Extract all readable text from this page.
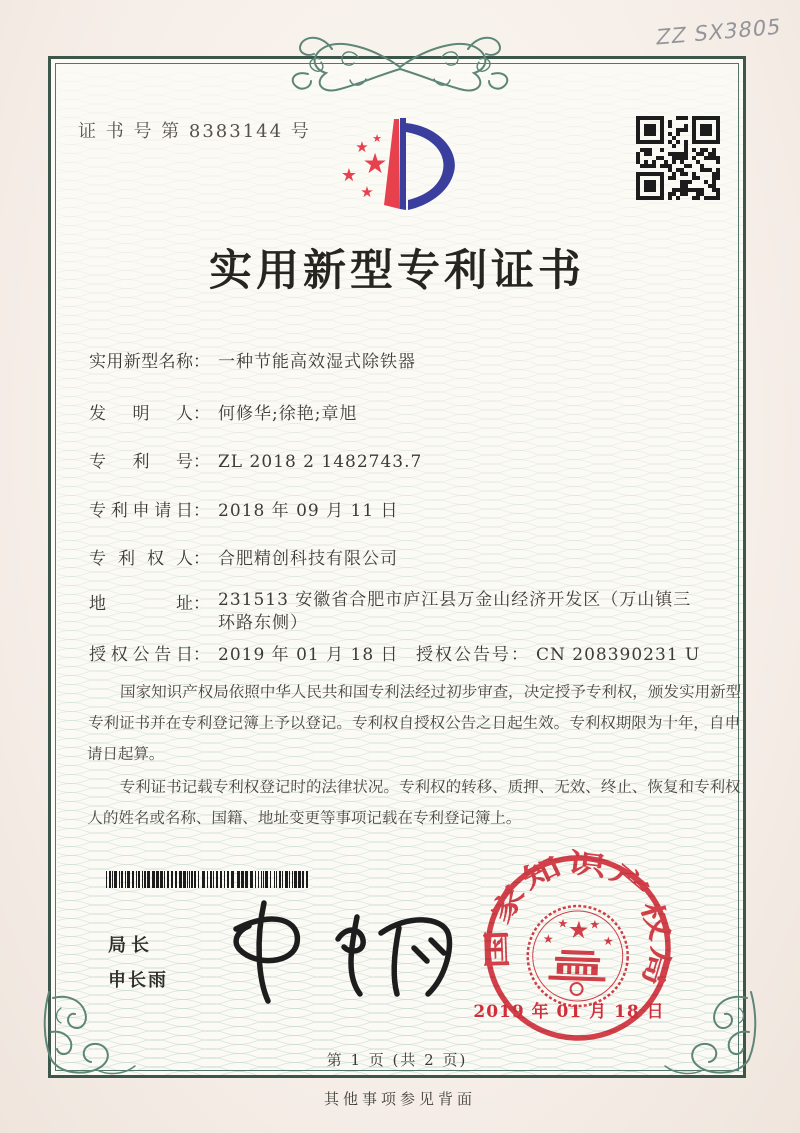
ZZ SX3805
证 书 号 第 8383144 号
★
★ ★
★
★
实用新型专利证书
实用新型名称： 一种节能高效湿式除铁器
发明人： 何修华;徐艳;章旭
专利号： ZL 2018 2 1482743.7
专利申请日： 2018 年 09 月 11 日
专利权人： 合肥精创科技有限公司
地址： 231513 安徽省合肥市庐江县万金山经济开发区（万山镇三环路东侧）
授权公告日： 2019 年 01 月 18 日 授权公告号： CN 208390231 U

国家知识产权局依照中华人民共和国专利法经过初步审查，决定授予专利权，颁发实用新型专利证书并在专利登记簿上予以登记。专利权自授权公告之日起生效。专利权期限为十年，自申请日起算。

专利证书记载专利权登记时的法律状况。专利权的转移、质押、无效、终止、恢复和专利权人的姓名或名称、国籍、地址变更等事项记载在专利登记簿上。

局长
申长雨
国家知识产权局
★
★ ★
★	★
2019 年 01 月 18 日
第 1 页 (共 2 页)
其他事项参见背面
